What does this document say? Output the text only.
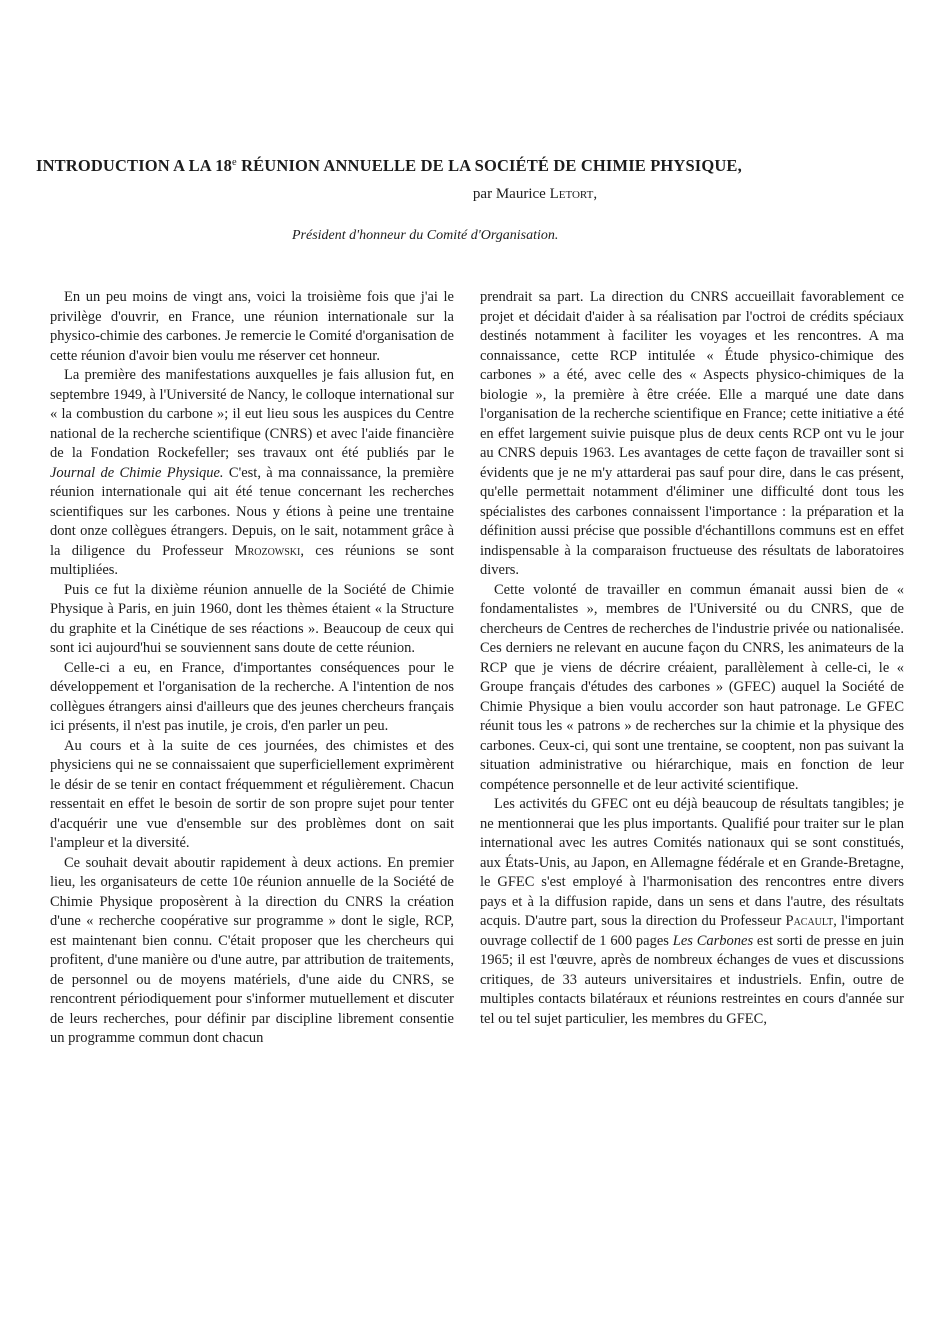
INTRODUCTION A LA 18e RÉUNION ANNUELLE DE LA SOCIÉTÉ DE CHIMIE PHYSIQUE,
par Maurice Letort,
Président d'honneur du Comité d'Organisation.

En un peu moins de vingt ans, voici la troisième fois que j'ai le privilège d'ouvrir, en France, une réunion internationale sur la physico-chimie des carbones. Je remercie le Comité d'organisation de cette réunion d'avoir bien voulu me réserver cet honneur.

La première des manifestations auxquelles je fais allusion fut, en septembre 1949, à l'Université de Nancy, le colloque international sur « la combustion du carbone »; il eut lieu sous les auspices du Centre national de la recherche scientifique (CNRS) et avec l'aide financière de la Fondation Rockefeller; ses travaux ont été publiés par le Journal de Chimie Physique. C'est, à ma connaissance, la première réunion internationale qui ait été tenue concernant les recherches scientifiques sur les carbones. Nous y étions à peine une trentaine dont onze collègues étrangers. Depuis, on le sait, notamment grâce à la diligence du Professeur Mrozowski, ces réunions se sont multipliées.

Puis ce fut la dixième réunion annuelle de la Société de Chimie Physique à Paris, en juin 1960, dont les thèmes étaient « la Structure du graphite et la Cinétique de ses réactions ». Beaucoup de ceux qui sont ici aujourd'hui se souviennent sans doute de cette réunion.

Celle-ci a eu, en France, d'importantes conséquences pour le développement et l'organisation de la recherche. A l'intention de nos collègues étrangers ainsi d'ailleurs que des jeunes chercheurs français ici présents, il n'est pas inutile, je crois, d'en parler un peu.

Au cours et à la suite de ces journées, des chimistes et des physiciens qui ne se connaissaient que superficiellement exprimèrent le désir de se tenir en contact fréquemment et régulièrement. Chacun ressentait en effet le besoin de sortir de son propre sujet pour tenter d'acquérir une vue d'ensemble sur des problèmes dont on sait l'ampleur et la diversité.

Ce souhait devait aboutir rapidement à deux actions. En premier lieu, les organisateurs de cette 10e réunion annuelle de la Société de Chimie Physique proposèrent à la direction du CNRS la création d'une « recherche coopérative sur programme » dont le sigle, RCP, est maintenant bien connu. C'était proposer que les chercheurs qui profitent, d'une manière ou d'une autre, par attribution de traitements, de personnel ou de moyens matériels, d'une aide du CNRS, se rencontrent périodiquement pour s'informer mutuellement et discuter de leurs recherches, pour définir par discipline librement consentie un programme commun dont chacun

prendrait sa part. La direction du CNRS accueillait favorablement ce projet et décidait d'aider à sa réalisation par l'octroi de crédits spéciaux destinés notamment à faciliter les voyages et les rencontres. A ma connaissance, cette RCP intitulée « Étude physico-chimique des carbones » a été, avec celle des « Aspects physico-chimiques de la biologie », la première à être créée. Elle a marqué une date dans l'organisation de la recherche scientifique en France; cette initiative a été en effet largement suivie puisque plus de deux cents RCP ont vu le jour au CNRS depuis 1963. Les avantages de cette façon de travailler sont si évidents que je ne m'y attarderai pas sauf pour dire, dans le cas présent, qu'elle permettait notamment d'éliminer une difficulté dont tous les spécialistes des carbones connaissent l'importance : la préparation et la définition aussi précise que possible d'échantillons communs est en effet indispensable à la comparaison fructueuse des résultats de laboratoires divers.

Cette volonté de travailler en commun émanait aussi bien de « fondamentalistes », membres de l'Université ou du CNRS, que de chercheurs de Centres de recherches de l'industrie privée ou nationalisée. Ces derniers ne relevant en aucune façon du CNRS, les animateurs de la RCP que je viens de décrire créaient, parallèlement à celle-ci, le « Groupe français d'études des carbones » (GFEC) auquel la Société de Chimie Physique a bien voulu accorder son haut patronage. Le GFEC réunit tous les « patrons » de recherches sur la chimie et la physique des carbones. Ceux-ci, qui sont une trentaine, se cooptent, non pas suivant la situation administrative ou hiérarchique, mais en fonction de leur compétence personnelle et de leur activité scientifique.

Les activités du GFEC ont eu déjà beaucoup de résultats tangibles; je ne mentionnerai que les plus importants. Qualifié pour traiter sur le plan international avec les autres Comités nationaux qui se sont constitués, aux États-Unis, au Japon, en Allemagne fédérale et en Grande-Bretagne, le GFEC s'est employé à l'harmonisation des rencontres entre divers pays et à la diffusion rapide, dans un sens et dans l'autre, des résultats acquis. D'autre part, sous la direction du Professeur Pacault, l'important ouvrage collectif de 1 600 pages Les Carbones est sorti de presse en juin 1965; il est l'œuvre, après de nombreux échanges de vues et discussions critiques, de 33 auteurs universitaires et industriels. Enfin, outre de multiples contacts bilatéraux et réunions restreintes en cours d'année sur tel ou tel sujet particulier, les membres du GFEC,
